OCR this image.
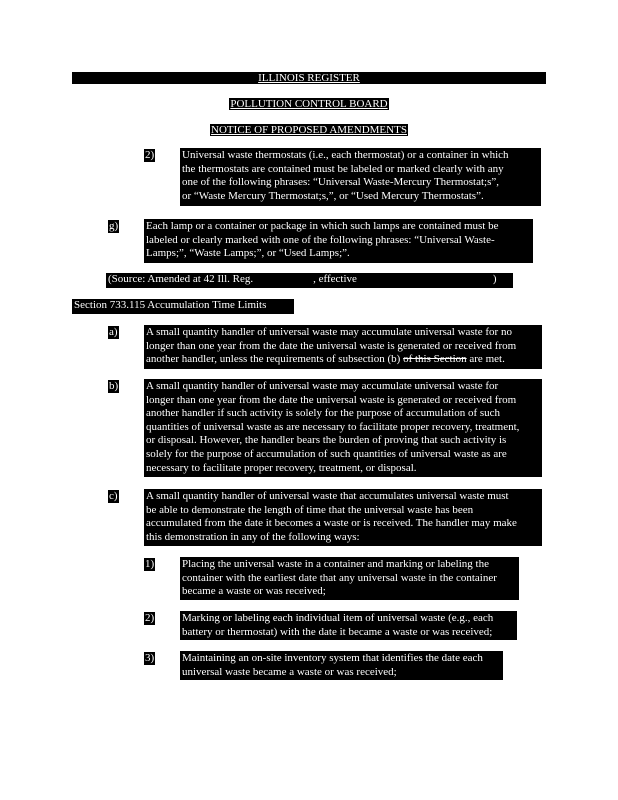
ILLINOIS REGISTER
POLLUTION CONTROL BOARD
NOTICE OF PROPOSED AMENDMENTS
2)	Universal waste thermostats (i.e., each thermostat) or a container in which
the thermostats are contained must be labeled or marked clearly with any
one of the following phrases: “Universal Waste-Mercury Thermostat;s”,
or “Waste Mercury Thermostat;s,”, or “Used Mercury Thermostats”.
g)	Each lamp or a container or package in which such lamps are contained must be
labeled or clearly marked with one of the following phrases: “Universal Waste-
Lamps;”, “Waste Lamps;”, or “Used Lamps;”.
(Source: Amended at 42 Ill. Reg.	, effective	)
Section 733.115 Accumulation Time Limits
a)	A small quantity handler of universal waste may accumulate universal waste for no
longer than one year from the date the universal waste is generated or received from
another handler, unless the requirements of subsection (b) of this Section are met.
b)	A small quantity handler of universal waste may accumulate universal waste for
longer than one year from the date the universal waste is generated or received from
another handler if such activity is solely for the purpose of accumulation of such
quantities of universal waste as are necessary to facilitate proper recovery, treatment,
or disposal. However, the handler bears the burden of proving that such activity is
solely for the purpose of accumulation of such quantities of universal waste as are
necessary to facilitate proper recovery, treatment, or disposal.
c)	A small quantity handler of universal waste that accumulates universal waste must
be able to demonstrate the length of time that the universal waste has been
accumulated from the date it becomes a waste or is received. The handler may make
this demonstration in any of the following ways:
1)	Placing the universal waste in a container and marking or labeling the
container with the earliest date that any universal waste in the container
became a waste or was received;
2)	Marking or labeling each individual item of universal waste (e.g., each
battery or thermostat) with the date it became a waste or was received;
3)	Maintaining an on-site inventory system that identifies the date each
universal waste became a waste or was received;
